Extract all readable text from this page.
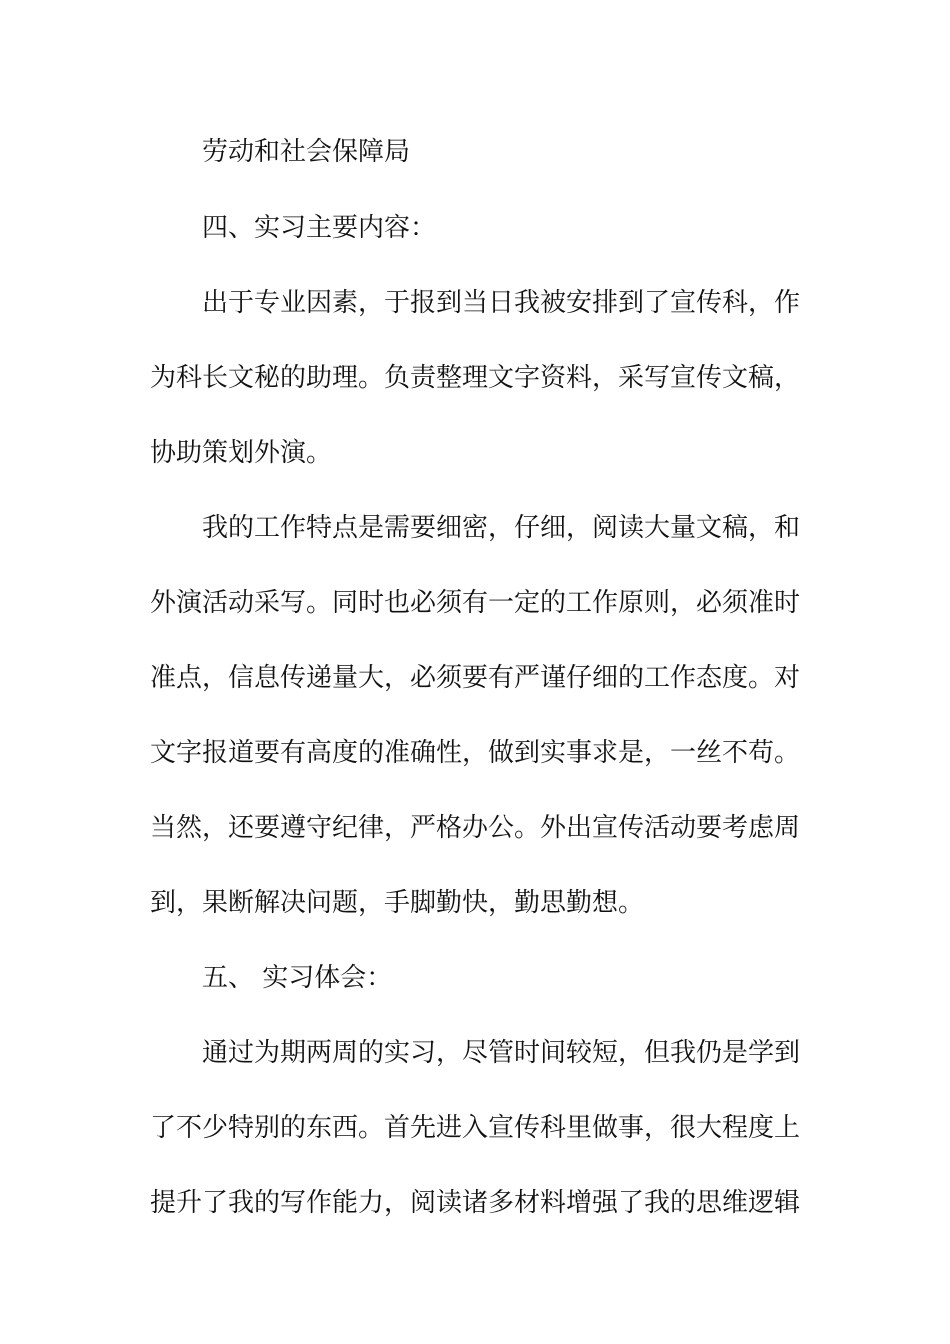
劳动和社会保障局
四、实习主要内容：
出于专业因素，于报到当日我被安排到了宣传科，作
为科长文秘的助理。负责整理文字资料，采写宣传文稿，
协助策划外演。
我的工作特点是需要细密，仔细，阅读大量文稿，和
外演活动采写。同时也必须有一定的工作原则，必须准时
准点，信息传递量大，必须要有严谨仔细的工作态度。对
文字报道要有高度的准确性，做到实事求是，一丝不苟。
当然，还要遵守纪律，严格办公。外出宣传活动要考虑周
到，果断解决问题，手脚勤快，勤思勤想。
五、 实习体会：
通过为期两周的实习，尽管时间较短，但我仍是学到
了不少特别的东西。首先进入宣传科里做事，很大程度上
提升了我的写作能力，阅读诸多材料增强了我的思维逻辑
